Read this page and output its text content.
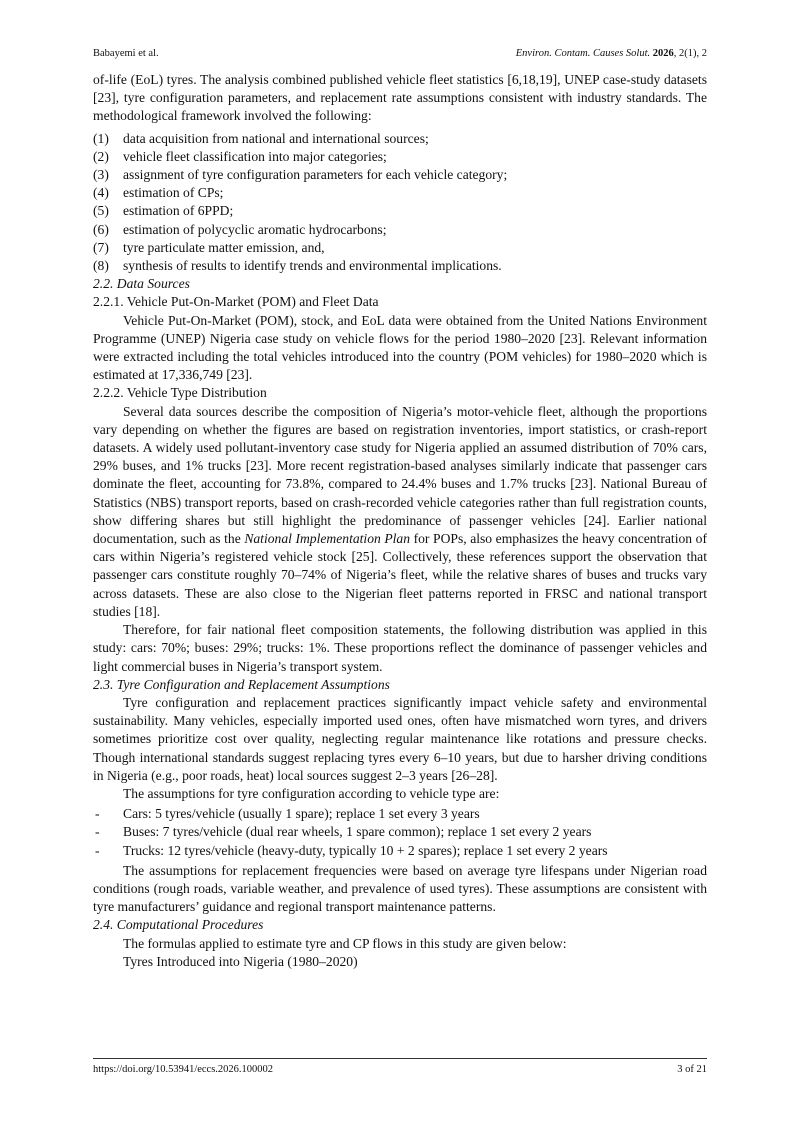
Babayemi et al.	Environ. Contam. Causes Solut. 2026, 2(1), 2

of-life (EoL) tyres. The analysis combined published vehicle fleet statistics [6,18,19], UNEP case-study datasets [23], tyre configuration parameters, and replacement rate assumptions consistent with industry standards. The methodological framework involved the following:

(1) data acquisition from national and international sources;
(2) vehicle fleet classification into major categories;
(3) assignment of tyre configuration parameters for each vehicle category;
(4) estimation of CPs;
(5) estimation of 6PPD;
(6) estimation of polycyclic aromatic hydrocarbons;
(7) tyre particulate matter emission, and,
(8) synthesis of results to identify trends and environmental implications.

2.2. Data Sources

2.2.1. Vehicle Put-On-Market (POM) and Fleet Data

Vehicle Put-On-Market (POM), stock, and EoL data were obtained from the United Nations Environment Programme (UNEP) Nigeria case study on vehicle flows for the period 1980–2020 [23]. Relevant information were extracted including the total vehicles introduced into the country (POM vehicles) for 1980–2020 which is estimated at 17,336,749 [23].

2.2.2. Vehicle Type Distribution

Several data sources describe the composition of Nigeria’s motor-vehicle fleet, although the proportions vary depending on whether the figures are based on registration inventories, import statistics, or crash-report datasets. A widely used pollutant-inventory case study for Nigeria applied an assumed distribution of 70% cars, 29% buses, and 1% trucks [23]. More recent registration-based analyses similarly indicate that passenger cars dominate the fleet, accounting for 73.8%, compared to 24.4% buses and 1.7% trucks [23]. National Bureau of Statistics (NBS) transport reports, based on crash-recorded vehicle categories rather than full registration counts, show differing shares but still highlight the predominance of passenger vehicles [24]. Earlier national documentation, such as the National Implementation Plan for POPs, also emphasizes the heavy concentration of cars within Nigeria’s registered vehicle stock [25]. Collectively, these references support the observation that passenger cars constitute roughly 70–74% of Nigeria’s fleet, while the relative shares of buses and trucks vary across datasets. These are also close to the Nigerian fleet patterns reported in FRSC and national transport studies [18].

Therefore, for fair national fleet composition statements, the following distribution was applied in this study: cars: 70%; buses: 29%; trucks: 1%. These proportions reflect the dominance of passenger vehicles and light commercial buses in Nigeria’s transport system.

2.3. Tyre Configuration and Replacement Assumptions

Tyre configuration and replacement practices significantly impact vehicle safety and environmental sustainability. Many vehicles, especially imported used ones, often have mismatched worn tyres, and drivers sometimes prioritize cost over quality, neglecting regular maintenance like rotations and pressure checks. Though international standards suggest replacing tyres every 6–10 years, but due to harsher driving conditions in Nigeria (e.g., poor roads, heat) local sources suggest 2–3 years [26–28].

The assumptions for tyre configuration according to vehicle type are:

- Cars: 5 tyres/vehicle (usually 1 spare); replace 1 set every 3 years
- Buses: 7 tyres/vehicle (dual rear wheels, 1 spare common); replace 1 set every 2 years
- Trucks: 12 tyres/vehicle (heavy-duty, typically 10 + 2 spares); replace 1 set every 2 years

The assumptions for replacement frequencies were based on average tyre lifespans under Nigerian road conditions (rough roads, variable weather, and prevalence of used tyres). These assumptions are consistent with tyre manufacturers’ guidance and regional transport maintenance patterns.

2.4. Computational Procedures

The formulas applied to estimate tyre and CP flows in this study are given below:

Tyres Introduced into Nigeria (1980–2020)

https://doi.org/10.53941/eccs.2026.100002	3 of 21
